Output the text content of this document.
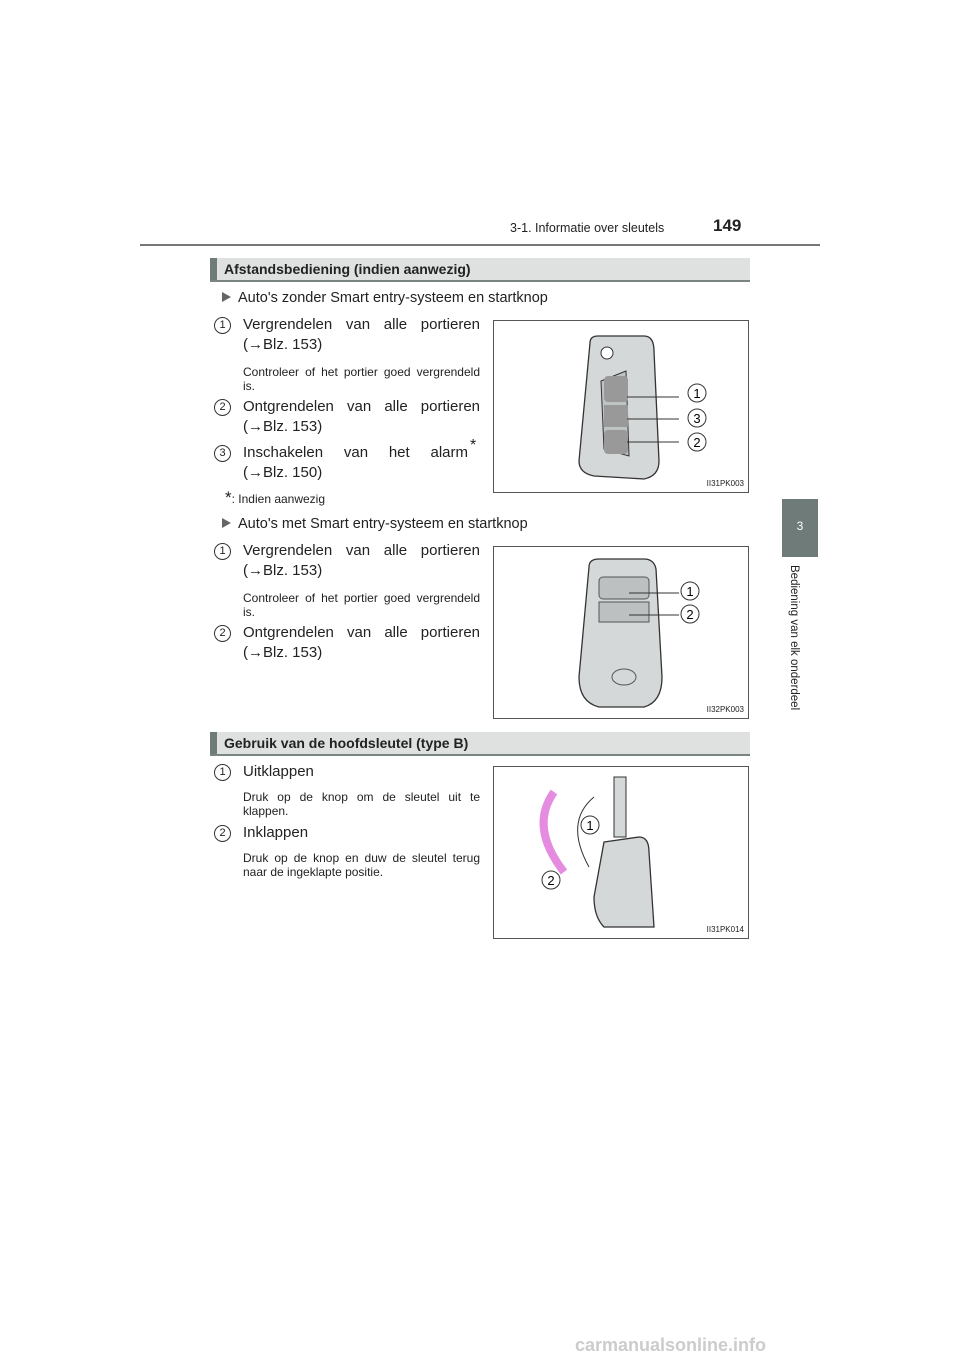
3-1. Informatie over sleutels	149
3
Bediening van elk onderdeel
Afstandsbediening (indien aanwezig)
Auto's zonder Smart entry-systeem en startknop
1	Vergrendelen van alle portieren
(→Blz. 153)
Controleer of het portier goed vergrendeld is.
2	Ontgrendelen van alle portieren
(→Blz. 153)
3	Inschakelen van het alarm *
(→Blz. 150)
*: Indien aanwezig
1
3
2
II31PK003
Auto's met Smart entry-systeem en startknop
1	Vergrendelen van alle portieren
(→Blz. 153)
Controleer of het portier goed vergrendeld is.
2	Ontgrendelen van alle portieren
(→Blz. 153)
1
2
II32PK003
Gebruik van de hoofdsleutel (type B)
1	Uitklappen
Druk op de knop om de sleutel uit te klappen.
2	Inklappen
Druk op de knop en duw de sleutel terug naar de ingeklapte positie.
1
2
II31PK014
carmanualsonline.info
